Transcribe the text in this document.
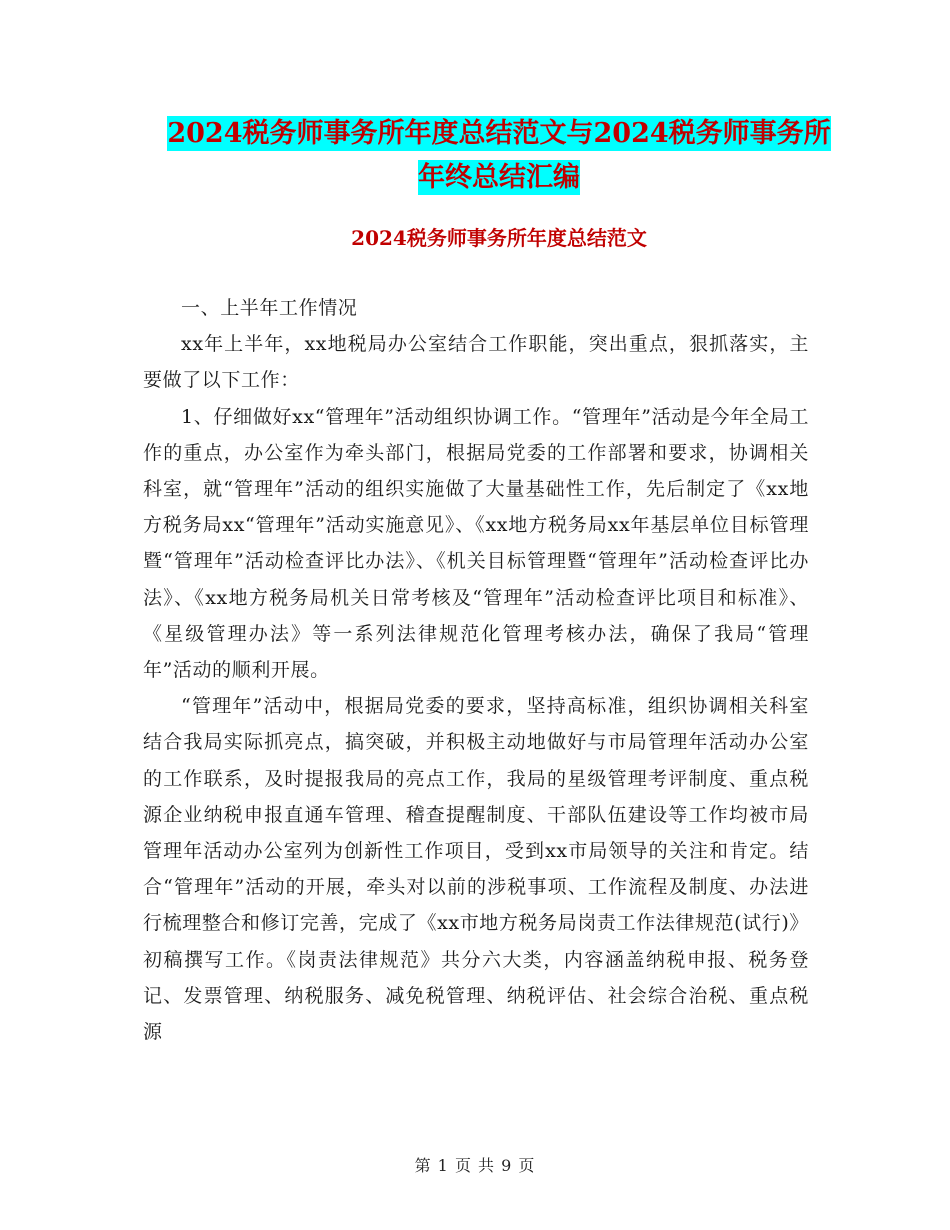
2024税务师事务所年度总结范文与2024税务师事务所
年终总结汇编
2024税务师事务所年度总结范文

一、上半年工作情况

xx年上半年，xx地税局办公室结合工作职能，突出重点，狠抓落实，主要做了以下工作：

1、仔细做好xx“管理年”活动组织协调工作。“管理年”活动是今年全局工作的重点，办公室作为牵头部门，根据局党委的工作部署和要求，协调相关科室，就“管理年”活动的组织实施做了大量基础性工作，先后制定了《xx地方税务局xx“管理年”活动实施意见》、《xx地方税务局xx年基层单位目标管理暨“管理年”活动检查评比办法》、《机关目标管理暨“管理年”活动检查评比办法》、《xx地方税务局机关日常考核及“管理年”活动检查评比项目和标准》、《星级管理办法》等一系列法律规范化管理考核办法，确保了我局“管理年”活动的顺利开展。

“管理年”活动中，根据局党委的要求，坚持高标准，组织协调相关科室结合我局实际抓亮点，搞突破，并积极主动地做好与市局管理年活动办公室的工作联系，及时提报我局的亮点工作，我局的星级管理考评制度、重点税源企业纳税申报直通车管理、稽查提醒制度、干部队伍建设等工作均被市局管理年活动办公室列为创新性工作项目，受到xx市局领导的关注和肯定。结合“管理年”活动的开展，牵头对以前的涉税事项、工作流程及制度、办法进行梳理整合和修订完善，完成了《xx市地方税务局岗责工作法律规范(试行)》初稿撰写工作。《岗责法律规范》共分六大类，内容涵盖纳税申报、税务登记、发票管理、纳税服务、减免税管理、纳税评估、社会综合治税、重点税源

第 1 页 共 9 页
